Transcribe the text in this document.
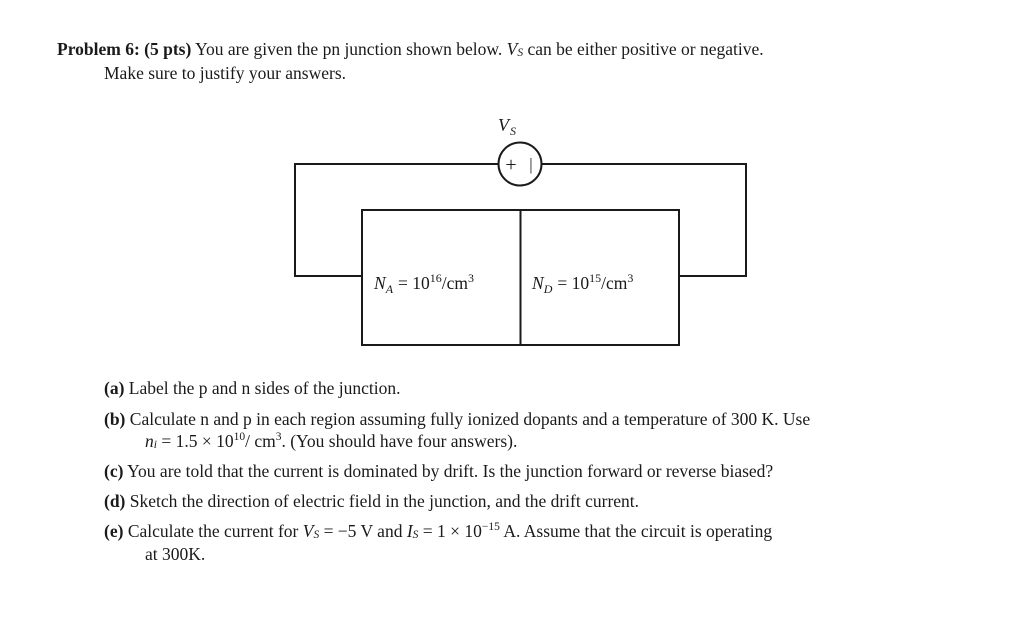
Problem 6: (5 pts) You are given the pn junction shown below. $V_S$ can be either positive or negative.
Make sure to justify your answers.
$V_S$
+ |
$N_A = 10^{16}/cm^3$	$N_D = 10^{15}/cm^3$
(a) Label the p and n sides of the junction.
(b) Calculate n and p in each region assuming fully ionized dopants and a temperature of 300 K. Use
$n_i = 1.5 \times 10^{10}/$ $cm^3$. (You should have four answers).
(c) You are told that the current is dominated by drift. Is the junction forward or reverse biased?
(d) Sketch the direction of electric field in the junction, and the drift current.
(e) Calculate the current for $V_S = -5$ V and $I_S = 1 \times 10^{-15}$ A. Assume that the circuit is operating
at 300K.
